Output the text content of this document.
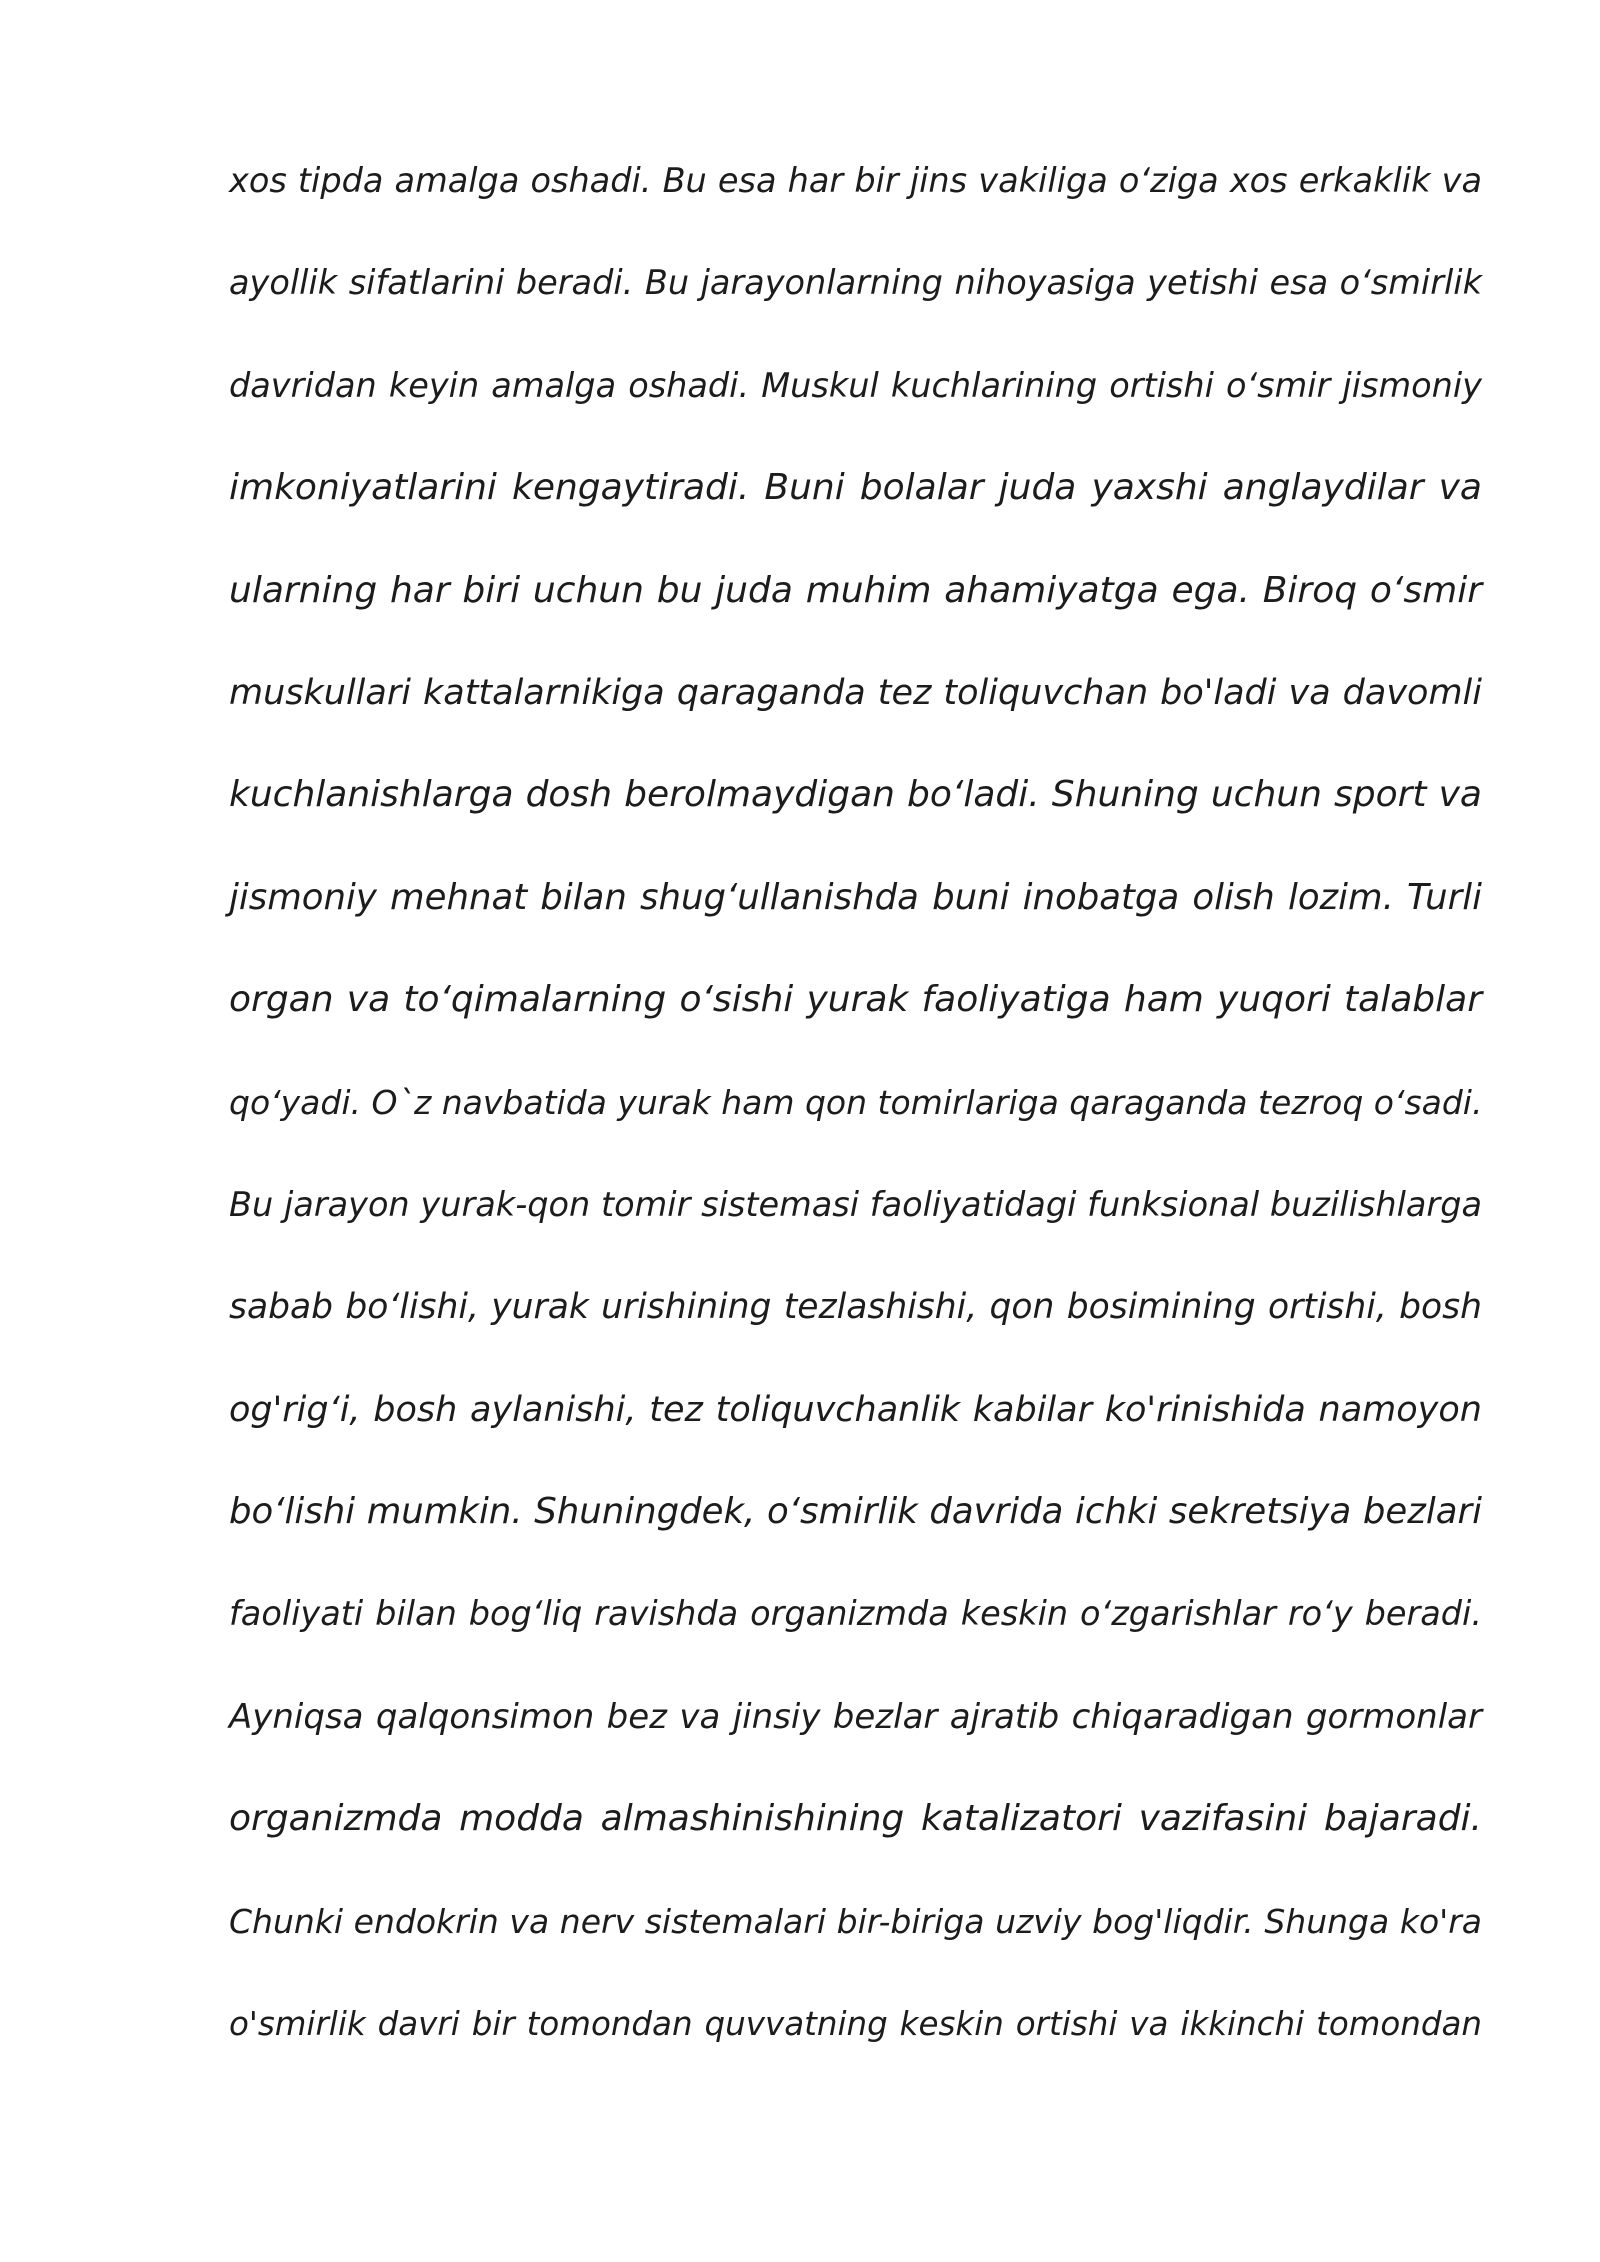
xos tipda amalga oshadi. Bu esa har bir jins vakiliga o‘ziga xos erkaklik va
ayollik sifatlarini beradi. Bu jarayonlarning nihoyasiga yetishi esa o‘smirlik
davridan keyin amalga oshadi. Muskul kuchlarining ortishi o‘smir jismoniy
imkoniyatlarini kengaytiradi. Buni bolalar juda yaxshi anglaydilar va
ularning har biri uchun bu juda muhim ahamiyatga ega. Biroq o‘smir
muskullari kattalarnikiga qaraganda tez toliquvchan bo'ladi va davomli
kuchlanishlarga dosh berolmaydigan bo‘ladi. Shuning uchun sport va
jismoniy mehnat bilan shug‘ullanishda buni inobatga olish lozim. Turli
organ va to‘qimalarning o‘sishi yurak faoliyatiga ham yuqori talablar
qo‘yadi. O`z navbatida yurak ham qon tomirlariga qaraganda tezroq o‘sadi.
Bu jarayon yurak-qon tomir sistemasi faoliyatidagi funksional buzilishlarga
sabab bo‘lishi, yurak urishining tezlashishi, qon bosimining ortishi, bosh
og'rig‘i, bosh aylanishi, tez toliquvchanlik kabilar ko'rinishida namoyon
bo‘lishi mumkin. Shuningdek, o‘smirlik davrida ichki sekretsiya bezlari
faoliyati bilan bog‘liq ravishda organizmda keskin o‘zgarishlar ro‘y beradi.
Ayniqsa qalqonsimon bez va jinsiy bezlar ajratib chiqaradigan gormonlar
organizmda modda almashinishining katalizatori vazifasini bajaradi.
Chunki endokrin va nerv sistemalari bir-biriga uzviy bog'liqdir. Shunga ko'ra
o'smirlik davri bir tomondan quvvatning keskin ortishi va ikkinchi tomondan
